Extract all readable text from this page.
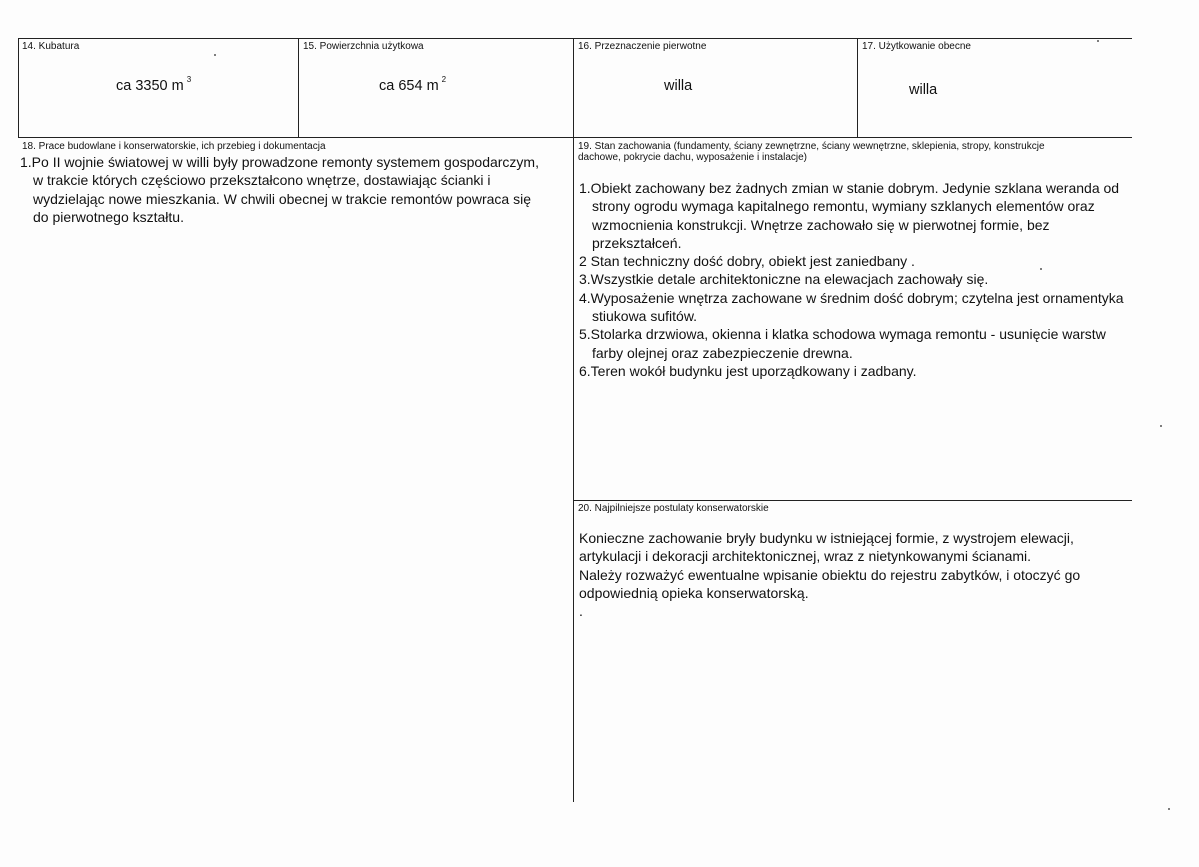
14. Kubatura
ca 3350 m $^3$
15. Powierzchnia użytkowa
ca 654 m $^2$
16. Przeznaczenie pierwotne
willa
17. Użytkowanie obecne
willa
18. Prace budowlane i konserwatorskie, ich przebieg i dokumentacja

1.Po II wojnie światowej w willi były prowadzone remonty systemem gospodarczym, w trakcie których częściowo przekształcono wnętrze, dostawiając ścianki i wydzielając nowe mieszkania. W chwili obecnej w trakcie remontów powraca się do pierwotnego kształtu.

19. Stan zachowania (fundamenty, ściany zewnętrzne, ściany wewnętrzne, sklepienia, stropy, konstrukcje dachowe, pokrycie dachu, wyposażenie i instalacje)

1.Obiekt zachowany bez żadnych zmian w stanie dobrym. Jedynie szklana weranda od strony ogrodu wymaga kapitalnego remontu, wymiany szklanych elementów oraz wzmocnienia konstrukcji. Wnętrze zachowało się w pierwotnej formie, bez przekształceń.

2 Stan techniczny dość dobry, obiekt jest zaniedbany .

3.Wszystkie detale architektoniczne na elewacjach zachowały się.

4.Wyposażenie wnętrza zachowane w średnim dość dobrym; czytelna jest ornamentyka stiukowa sufitów.

5.Stolarka drzwiowa, okienna i klatka schodowa wymaga remontu - usunięcie warstw farby olejnej oraz zabezpieczenie drewna.

6.Teren wokół budynku jest uporządkowany i zadbany.

20. Najpilniejsze postulaty konserwatorskie

Konieczne zachowanie bryły budynku w istniejącej formie, z wystrojem elewacji, artykulacji i dekoracji architektonicznej, wraz z nietynkowanymi ścianami.

Należy rozważyć ewentualne wpisanie obiektu do rejestru zabytków, i otoczyć go odpowiednią opieka konserwatorską.

.
